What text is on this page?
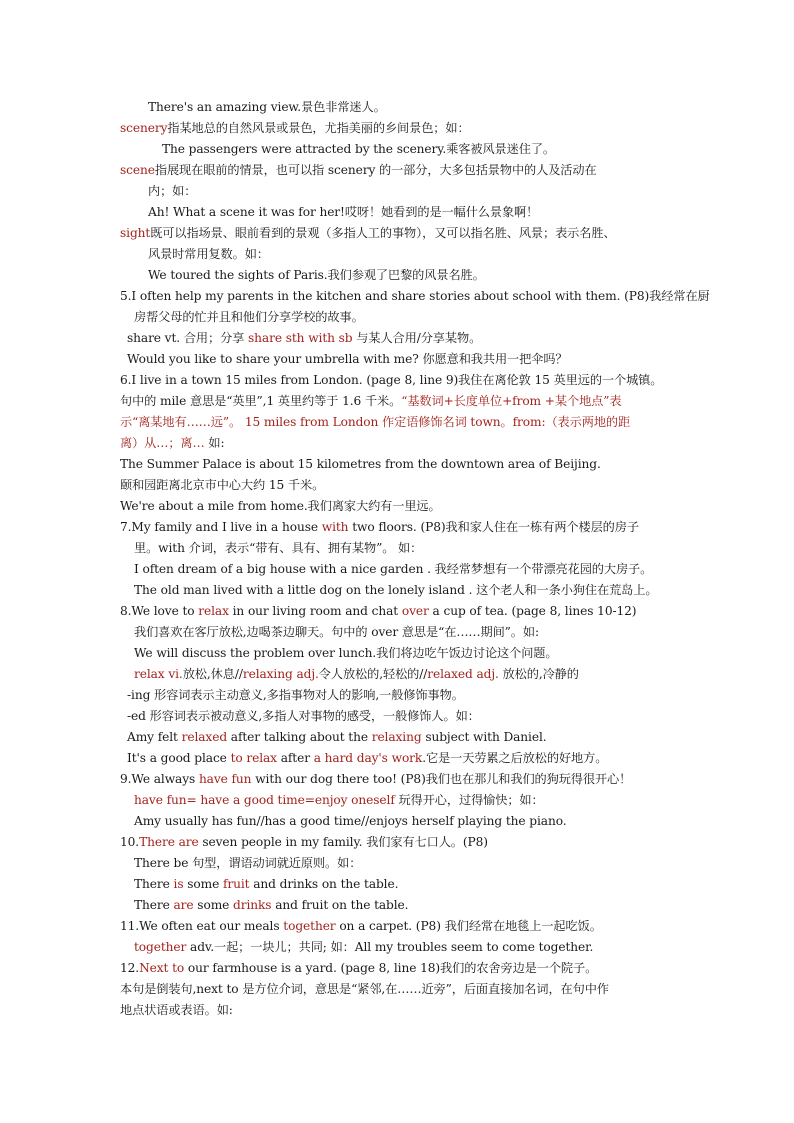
There's an amazing view.景色非常迷人。
scenery指某地总的自然风景或景色，尤指美丽的乡间景色；如：
The passengers were attracted by the scenery.乘客被风景迷住了。
scene指展现在眼前的情景，也可以指 scenery 的一部分，大多包括景物中的人及活动在
内；如：
Ah! What a scene it was for her!哎呀！她看到的是一幅什么景象啊！
sight既可以指场景、眼前看到的景观（多指人工的事物），又可以指名胜、风景；表示名胜、
风景时常用复数。如：
We toured the sights of Paris.我们参观了巴黎的风景名胜。
5.I often help my parents in the kitchen and share stories about school with them. (P8)我经常在厨
房帮父母的忙并且和他们分享学校的故事。
share vt. 合用；分享 share sth with sb 与某人合用/分享某物。
Would you like to share your umbrella with me? 你愿意和我共用一把伞吗？
6.I live in a town 15 miles from London. (page 8, line 9)我住在离伦敦 15 英里远的一个城镇。
句中的 mile 意思是“英里”,1 英里约等于 1.6 千米。“基数词+长度单位+from +某个地点”表
示“离某地有……远”。 15 miles from London 作定语修饰名词 town。from:（表示两地的距
离）从…；离… 如:
The Summer Palace is about 15 kilometres from the downtown area of Beijing.
颐和园距离北京市中心大约 15 千米。
We're about a mile from home.我们离家大约有一里远。
7.My family and I live in a house with two floors. (P8)我和家人住在一栋有两个楼层的房子
里。with 介词，表示“带有、具有、拥有某物”。 如：
I often dream of a big house with a nice garden . 我经常梦想有一个带漂亮花园的大房子。
The old man lived with a little dog on the lonely island . 这个老人和一条小狗住在荒岛上。
8.We love to relax in our living room and chat over a cup of tea. (page 8, lines 10-12)
我们喜欢在客厅放松,边喝茶边聊天。句中的 over 意思是“在……期间”。如:
We will discuss the problem over lunch.我们将边吃午饭边讨论这个问题。
relax vi.放松,休息//relaxing adj.令人放松的,轻松的//relaxed adj. 放松的,冷静的
-ing 形容词表示主动意义,多指事物对人的影响,一般修饰事物。
-ed 形容词表示被动意义,多指人对事物的感受，一般修饰人。如：
Amy felt relaxed after talking about the relaxing subject with Daniel.
It's a good place to relax after a hard day's work.它是一天劳累之后放松的好地方。
9.We always have fun with our dog there too! (P8)我们也在那儿和我们的狗玩得很开心！
have fun= have a good time=enjoy oneself 玩得开心，过得愉快；如：
Amy usually has fun//has a good time//enjoys herself playing the piano.
10.There are seven people in my family. 我们家有七口人。(P8)
There be 句型，谓语动词就近原则。如：
There is some fruit and drinks on the table.
There are some drinks and fruit on the table.
11.We often eat our meals together on a carpet. (P8) 我们经常在地毯上一起吃饭。
together adv.一起；一块儿；共同; 如：All my troubles seem to come together.
12.Next to our farmhouse is a yard. (page 8, line 18)我们的农舍旁边是一个院子。
本句是倒装句,next to 是方位介词，意思是“紧邻,在……近旁”，后面直接加名词，在句中作
地点状语或表语。如:
